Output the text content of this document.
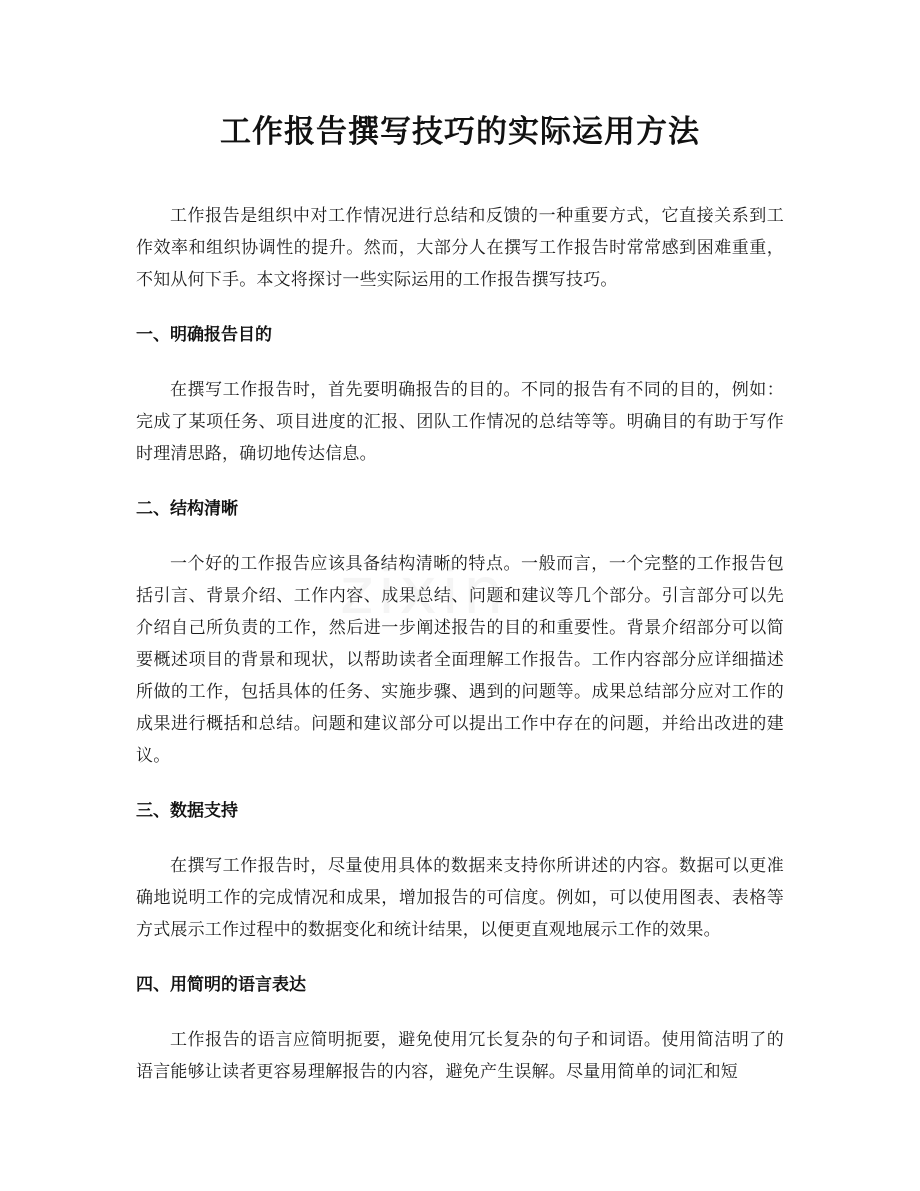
工作报告撰写技巧的实际运用方法

工作报告是组织中对工作情况进行总结和反馈的一种重要方式，它直接关系到工作效率和组织协调性的提升。然而，大部分人在撰写工作报告时常常感到困难重重，不知从何下手。本文将探讨一些实际运用的工作报告撰写技巧。

一、明确报告目的

在撰写工作报告时，首先要明确报告的目的。不同的报告有不同的目的，例如：完成了某项任务、项目进度的汇报、团队工作情况的总结等等。明确目的有助于写作时理清思路，确切地传达信息。

二、结构清晰

一个好的工作报告应该具备结构清晰的特点。一般而言，一个完整的工作报告包括引言、背景介绍、工作内容、成果总结、问题和建议等几个部分。引言部分可以先介绍自己所负责的工作，然后进一步阐述报告的目的和重要性。背景介绍部分可以简要概述项目的背景和现状，以帮助读者全面理解工作报告。工作内容部分应详细描述所做的工作，包括具体的任务、实施步骤、遇到的问题等。成果总结部分应对工作的成果进行概括和总结。问题和建议部分可以提出工作中存在的问题，并给出改进的建议。

三、数据支持

在撰写工作报告时，尽量使用具体的数据来支持你所讲述的内容。数据可以更准确地说明工作的完成情况和成果，增加报告的可信度。例如，可以使用图表、表格等方式展示工作过程中的数据变化和统计结果，以便更直观地展示工作的效果。

四、用简明的语言表达

工作报告的语言应简明扼要，避免使用冗长复杂的句子和词语。使用简洁明了的语言能够让读者更容易理解报告的内容，避免产生误解。尽量用简单的词汇和短

zixin
